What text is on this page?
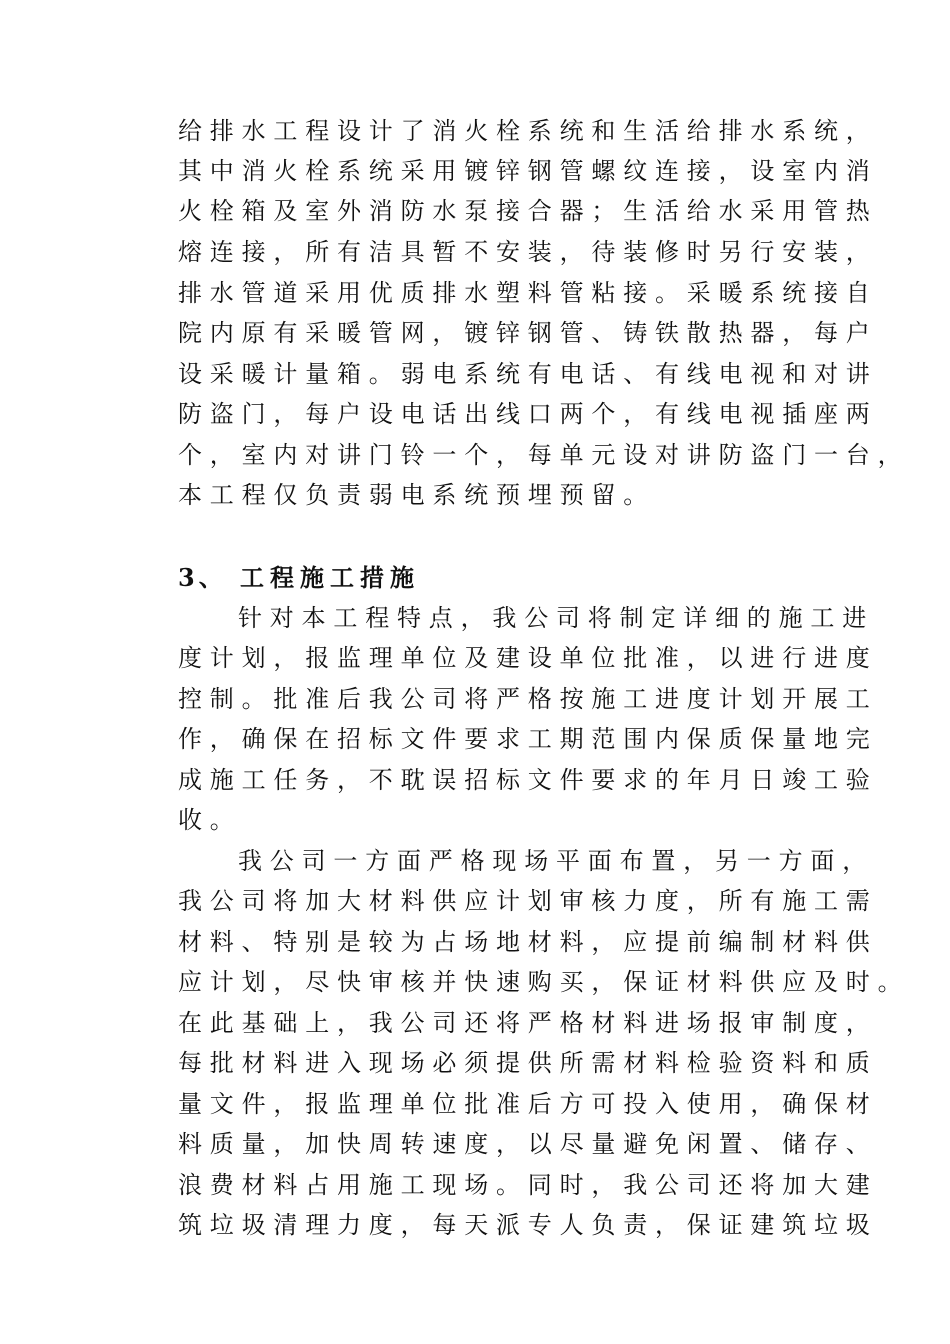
给排水工程设计了消火栓系统和生活给排水系统，
其中消火栓系统采用镀锌钢管螺纹连接，设室内消
火栓箱及室外消防水泵接合器；生活给水采用管热
熔连接，所有洁具暂不安装，待装修时另行安装，
排水管道采用优质排水塑料管粘接。采暖系统接自
院内原有采暖管网，镀锌钢管、铸铁散热器，每户
设采暖计量箱。弱电系统有电话、有线电视和对讲
防盗门，每户设电话出线口两个，有线电视插座两
个，室内对讲门铃一个，每单元设对讲防盗门一台，
本工程仅负责弱电系统预埋预留。
3、 工程施工措施
针对本工程特点，我公司将制定详细的施工进
度计划，报监理单位及建设单位批准，以进行进度
控制。批准后我公司将严格按施工进度计划开展工
作，确保在招标文件要求工期范围内保质保量地完
成施工任务，不耽误招标文件要求的年月日竣工验
收。
我公司一方面严格现场平面布置，另一方面，
我公司将加大材料供应计划审核力度，所有施工需
材料、特别是较为占场地材料，应提前编制材料供
应计划，尽快审核并快速购买，保证材料供应及时。
在此基础上，我公司还将严格材料进场报审制度，
每批材料进入现场必须提供所需材料检验资料和质
量文件，报监理单位批准后方可投入使用，确保材
料质量，加快周转速度，以尽量避免闲置、储存、
浪费材料占用施工现场。同时，我公司还将加大建
筑垃圾清理力度，每天派专人负责，保证建筑垃圾
